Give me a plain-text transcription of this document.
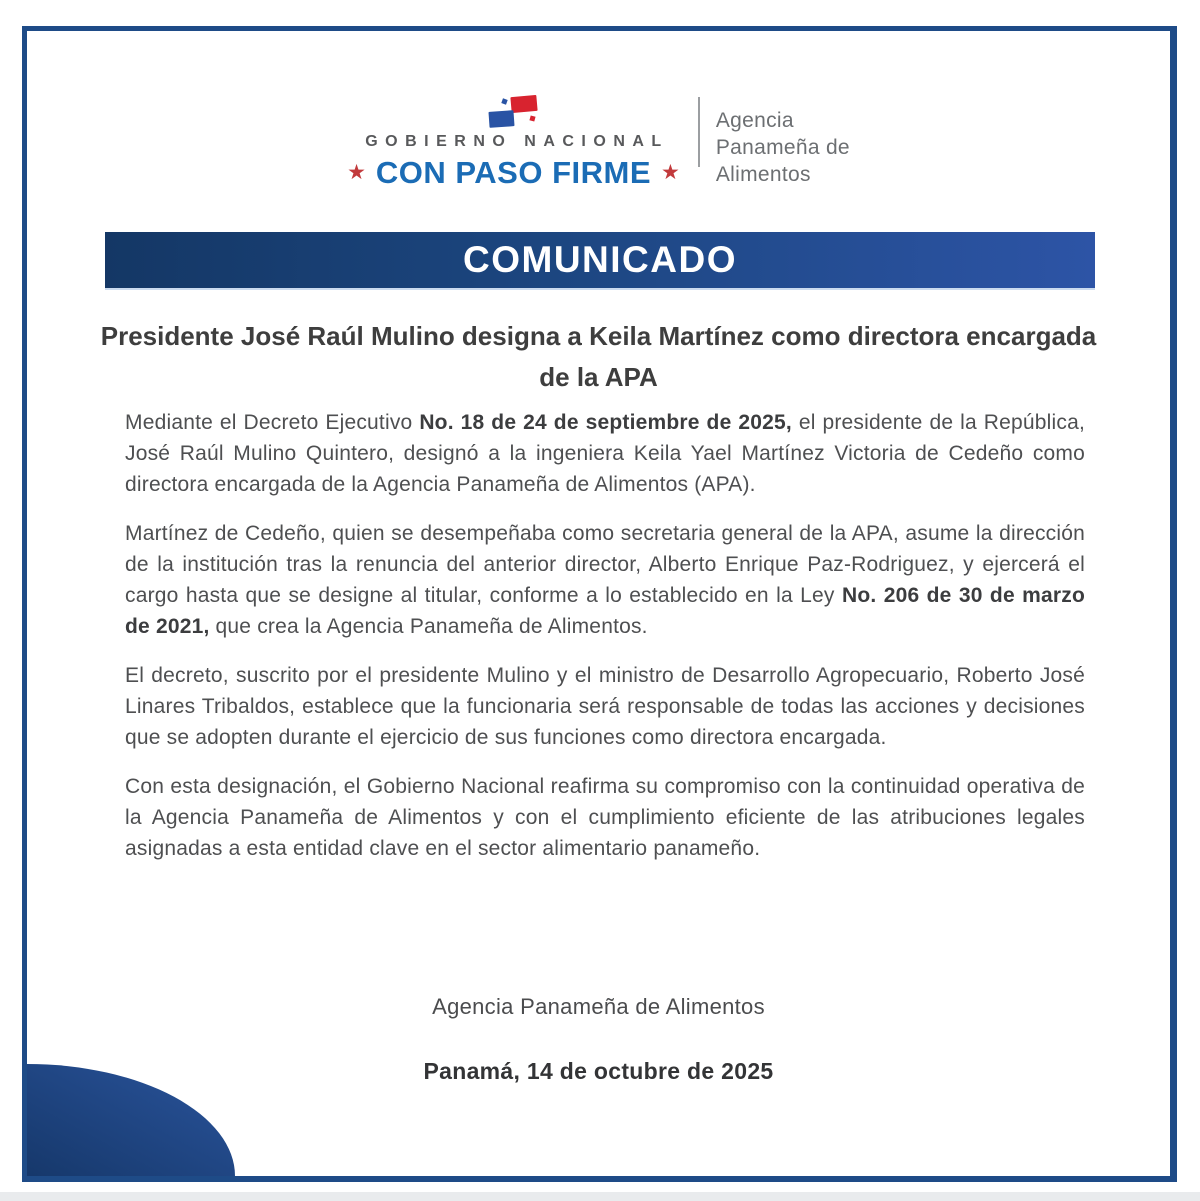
GOBIERNO NACIONAL
★ CON PASO FIRME ★
Agencia
Panameña de
Alimentos
COMUNICADO
Presidente José Raúl Mulino designa a Keila Martínez como directora encargada de la APA

Mediante el Decreto Ejecutivo No. 18 de 24 de septiembre de 2025, el presidente de la República, José Raúl Mulino Quintero, designó a la ingeniera Keila Yael Martínez Victoria de Cedeño como directora encargada de la Agencia Panameña de Alimentos (APA).

Martínez de Cedeño, quien se desempeñaba como secretaria general de la APA, asume la dirección de la institución tras la renuncia del anterior director, Alberto Enrique Paz-Rodriguez, y ejercerá el cargo hasta que se designe al titular, conforme a lo establecido en la Ley No. 206 de 30 de marzo de 2021, que crea la Agencia Panameña de Alimentos.

El decreto, suscrito por el presidente Mulino y el ministro de Desarrollo Agropecuario, Roberto José Linares Tribaldos, establece que la funcionaria será responsable de todas las acciones y decisiones que se adopten durante el ejercicio de sus funciones como directora encargada.

Con esta designación, el Gobierno Nacional reafirma su compromiso con la continuidad operativa de la Agencia Panameña de Alimentos y con el cumplimiento eficiente de las atribuciones legales asignadas a esta entidad clave en el sector alimentario panameño.

Agencia Panameña de Alimentos

Panamá, 14 de octubre de 2025
